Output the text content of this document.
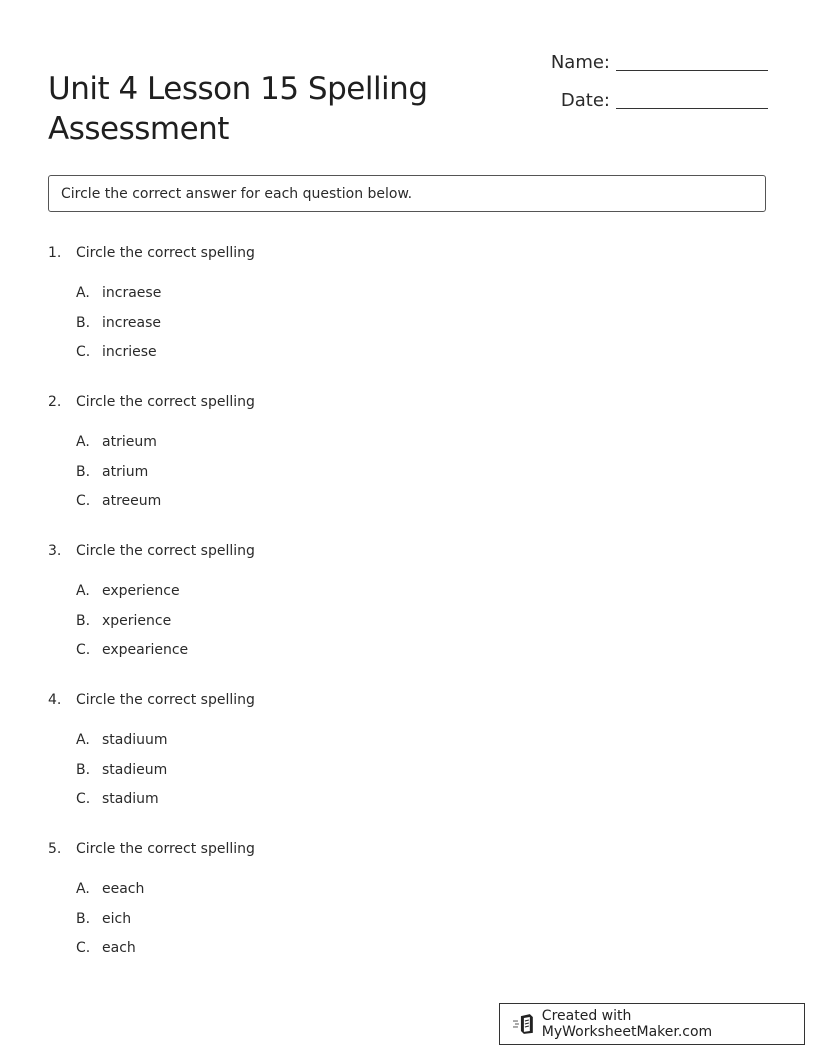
Unit 4 Lesson 15 Spelling Assessment
Name:
Date:
Circle the correct answer for each question below.
1.	Circle the correct spelling
A. incraese
B. increase
C. incriese
2.	Circle the correct spelling
A. atrieum
B. atrium
C. atreeum
3.	Circle the correct spelling
A. experience
B. xperience
C. expearience
4.	Circle the correct spelling
A. stadiuum
B. stadieum
C. stadium
5.	Circle the correct spelling
A. eeach
B. eich
C. each
Created with MyWorksheetMaker.com
